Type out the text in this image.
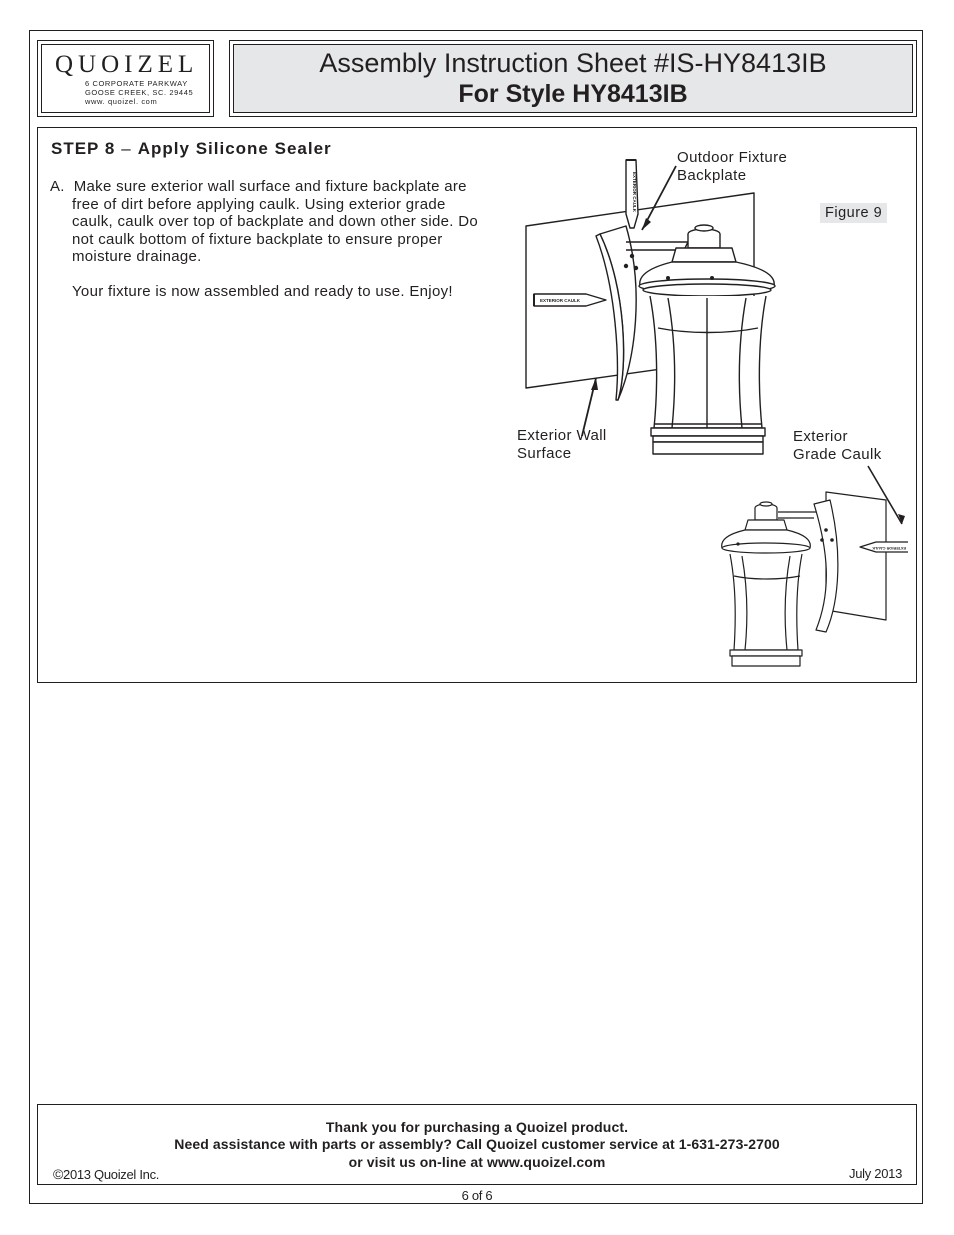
QUOIZEL
6 CORPORATE PARKWAY
GOOSE CREEK, SC. 29445
www. quoizel. com
Assembly Instruction Sheet #IS-HY8413IB
For Style HY8413IB
STEP 8 – Apply Silicone Sealer

A. Make sure exterior wall surface and fixture backplate are free of dirt before applying caulk. Using exterior grade caulk, caulk over top of backplate and down other side. Do not caulk bottom of fixture backplate to ensure proper moisture drainage.

Your fixture is now assembled and ready to use. Enjoy!

Figure 9
Outdoor Fixture
Backplate
Exterior Wall
Surface
Exterior
Grade Caulk
EXTERIOR CAULK
EXTERIOR CAULK
EXTERIOR CAULK
Thank you for purchasing a Quoizel product.
Need assistance with parts or assembly? Call Quoizel customer service at 1-631-273-2700
or visit us on-line at www.quoizel.com
©2013 Quoizel Inc.	July 2013
6 of 6
